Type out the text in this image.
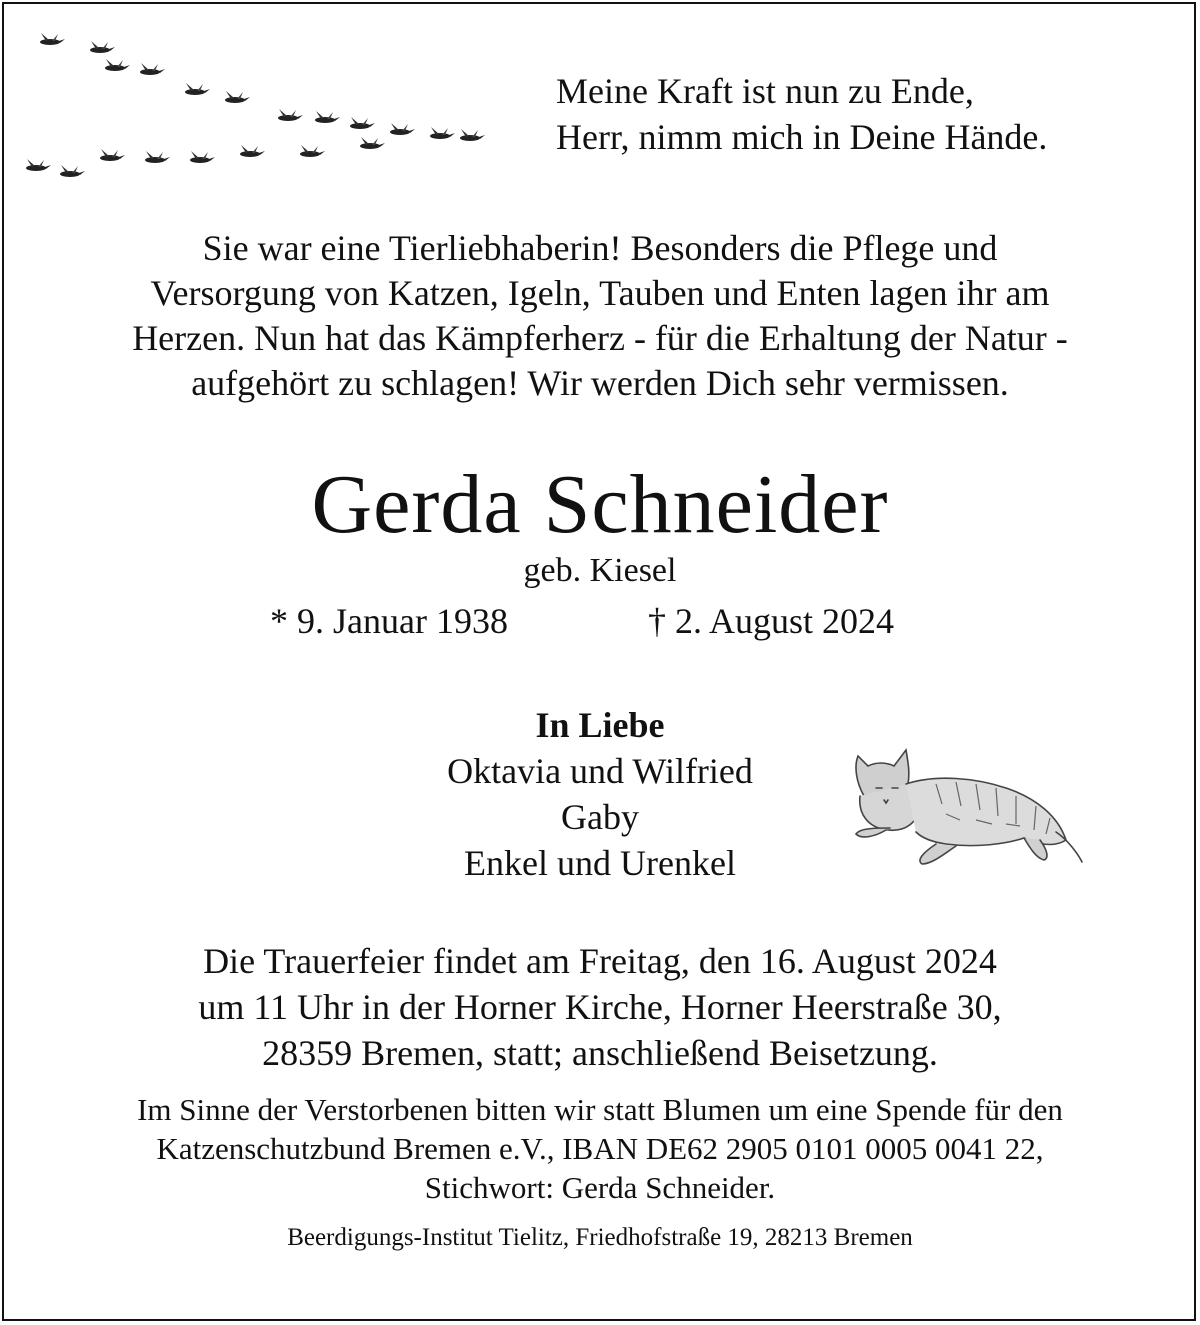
Meine Kraft ist nun zu Ende,
Herr, nimm mich in Deine Hände.
Sie war eine Tierliebhaberin! Besonders die Pflege und
Versorgung von Katzen, Igeln, Tauben und Enten lagen ihr am
Herzen. Nun hat das Kämpferherz - für die Erhaltung der Natur -
aufgehört zu schlagen! Wir werden Dich sehr vermissen.
Gerda Schneider
geb. Kiesel
* 9. Januar 1938	† 2. August 2024
In Liebe
Oktavia und Wilfried
Gaby
Enkel und Urenkel
Die Trauerfeier findet am Freitag, den 16. August 2024
um 11 Uhr in der Horner Kirche, Horner Heerstraße 30,
28359 Bremen, statt; anschließend Beisetzung.
Im Sinne der Verstorbenen bitten wir statt Blumen um eine Spende für den
Katzenschutzbund Bremen e.V., IBAN DE62 2905 0101 0005 0041 22,
Stichwort: Gerda Schneider.
Beerdigungs-Institut Tielitz, Friedhofstraße 19, 28213 Bremen
